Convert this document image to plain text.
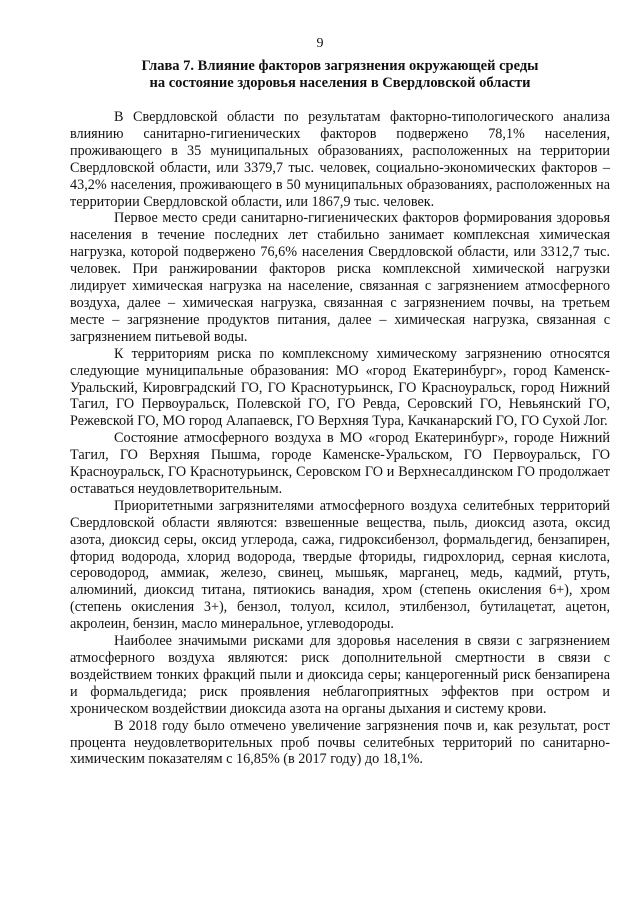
9
Глава 7. Влияние факторов загрязнения окружающей среды
на состояние здоровья населения в Свердловской области

В Свердловской области по результатам факторно-типологического анализа влиянию санитарно-гигиенических факторов подвержено 78,1% населения, проживающего в 35 муниципальных образованиях, расположенных на территории Свердловской области, или 3379,7 тыс. человек, социально-экономических факторов – 43,2% населения, проживающего в 50 муниципальных образованиях, расположенных на территории Свердловской области, или 1867,9 тыс. человек.

Первое место среди санитарно-гигиенических факторов формирования здоровья населения в течение последних лет стабильно занимает комплексная химическая нагрузка, которой подвержено 76,6% населения Свердловской области, или 3312,7 тыс. человек. При ранжировании факторов риска комплексной химической нагрузки лидирует химическая нагрузка на население, связанная с загрязнением атмосферного воздуха, далее – химическая нагрузка, связанная с загрязнением почвы, на третьем месте – загрязнение продуктов питания, далее – химическая нагрузка, связанная с загрязнением питьевой воды.

К территориям риска по комплексному химическому загрязнению относятся следующие муниципальные образования: МО «город Екатеринбург», город Каменск-Уральский, Кировградский ГО, ГО Краснотурьинск, ГО Красноуральск, город Нижний Тагил, ГО Первоуральск, Полевской ГО, ГО Ревда, Серовский ГО, Невьянский ГО, Режевской ГО, МО город Алапаевск, ГО Верхняя Тура, Качканарский ГО, ГО Сухой Лог.

Состояние атмосферного воздуха в МО «город Екатеринбург», городе Нижний Тагил, ГО Верхняя Пышма, городе Каменске-Уральском, ГО Первоуральск, ГО Красноуральск, ГО Краснотурьинск, Серовском ГО и Верхнесалдинском ГО продолжает оставаться неудовлетворительным.

Приоритетными загрязнителями атмосферного воздуха селитебных территорий Свердловской области являются: взвешенные вещества, пыль, диоксид азота, оксид азота, диоксид серы, оксид углерода, сажа, гидроксибензол, формальдегид, бензапирен, фторид водорода, хлорид водорода, твердые фториды, гидрохлорид, серная кислота, сероводород, аммиак, железо, свинец, мышьяк, марганец, медь, кадмий, ртуть, алюминий, диоксид титана, пятиокись ванадия, хром (степень окисления 6+), хром (степень окисления 3+), бензол, толуол, ксилол, этилбензол, бутилацетат, ацетон, акролеин, бензин, масло минеральное, углеводороды.

Наиболее значимыми рисками для здоровья населения в связи с загрязнением атмосферного воздуха являются: риск дополнительной смертности в связи с воздействием тонких фракций пыли и диоксида серы; канцерогенный риск бензапирена и формальдегида; риск проявления неблагоприятных эффектов при остром и хроническом воздействии диоксида азота на органы дыхания и систему крови.

В 2018 году было отмечено увеличение загрязнения почв и, как результат, рост процента неудовлетворительных проб почвы селитебных территорий по санитарно-химическим показателям с 16,85% (в 2017 году) до 18,1%.
